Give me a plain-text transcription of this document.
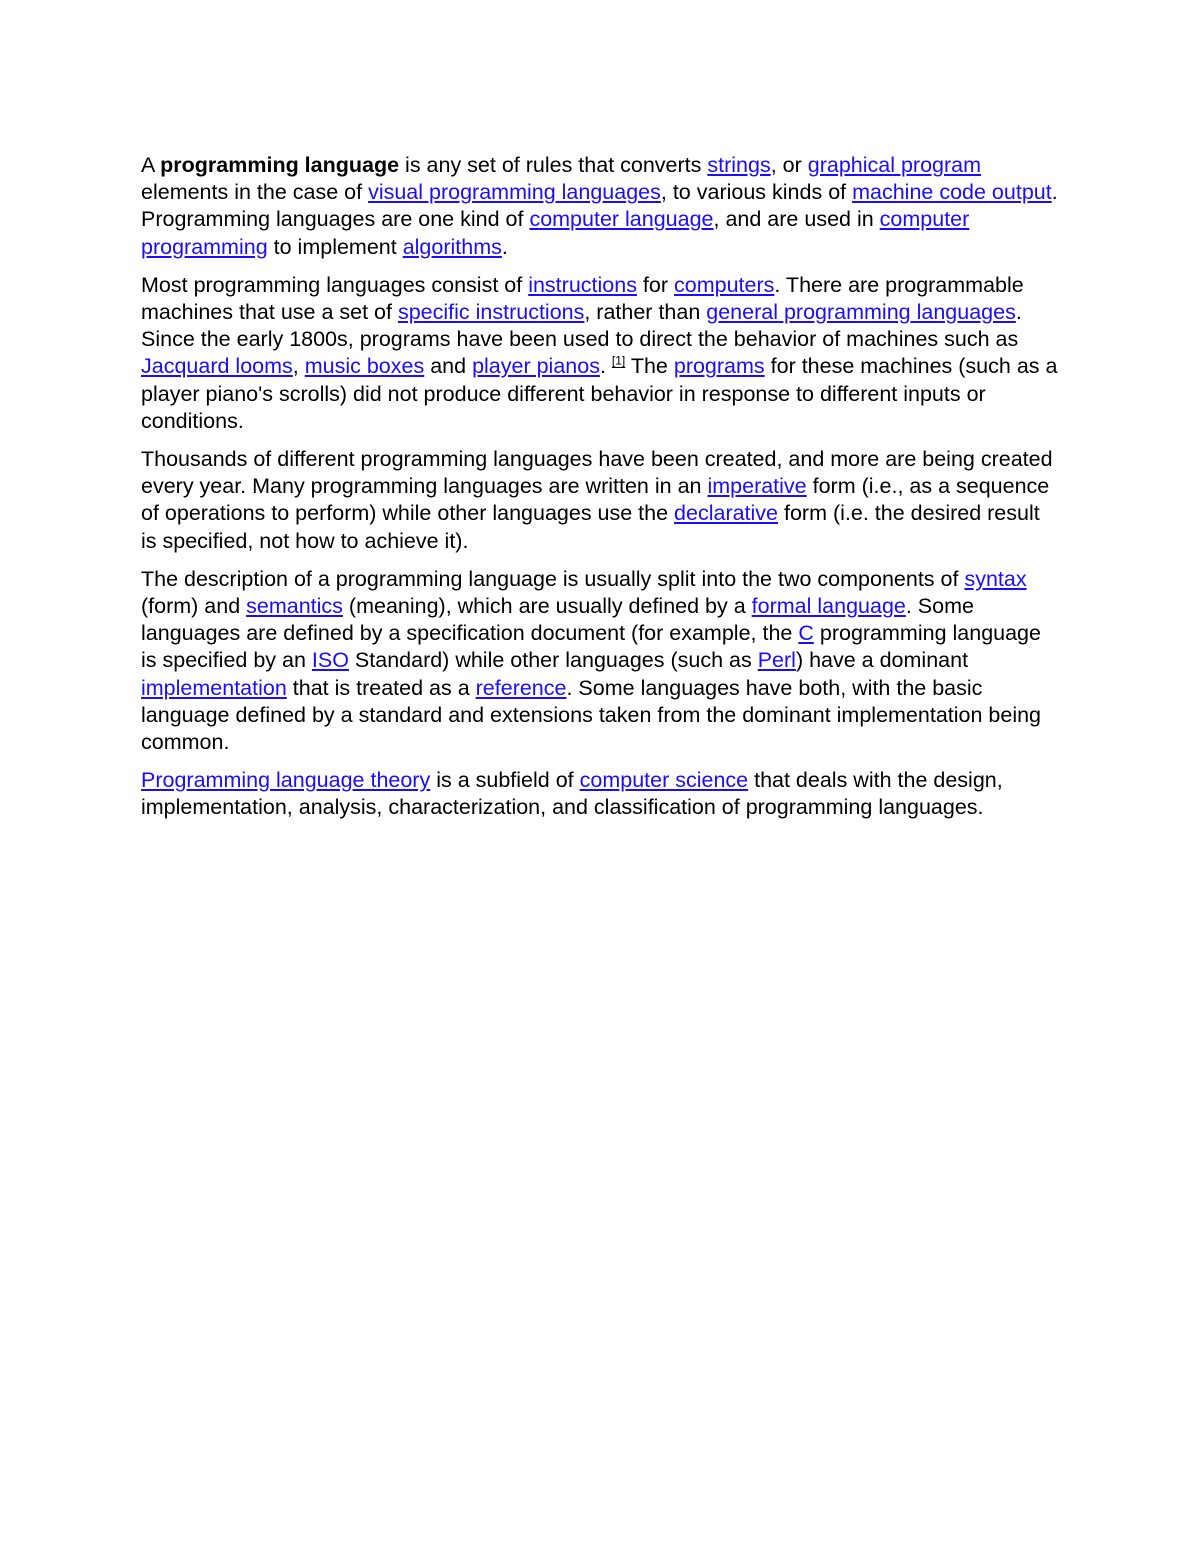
A programming language is any set of rules that converts strings, or graphical program elements in the case of visual programming languages, to various kinds of machine code output. Programming languages are one kind of computer language, and are used in computer programming to implement algorithms.

Most programming languages consist of instructions for computers. There are programmable machines that use a set of specific instructions, rather than general programming languages. Since the early 1800s, programs have been used to direct the behavior of machines such as Jacquard looms, music boxes and player pianos. [1] The programs for these machines (such as a player piano's scrolls) did not produce different behavior in response to different inputs or conditions.

Thousands of different programming languages have been created, and more are being created every year. Many programming languages are written in an imperative form (i.e., as a sequence of operations to perform) while other languages use the declarative form (i.e. the desired result is specified, not how to achieve it).

The description of a programming language is usually split into the two components of syntax (form) and semantics (meaning), which are usually defined by a formal language. Some languages are defined by a specification document (for example, the C programming language is specified by an ISO Standard) while other languages (such as Perl) have a dominant implementation that is treated as a reference. Some languages have both, with the basic language defined by a standard and extensions taken from the dominant implementation being common.

Programming language theory is a subfield of computer science that deals with the design, implementation, analysis, characterization, and classification of programming languages.
